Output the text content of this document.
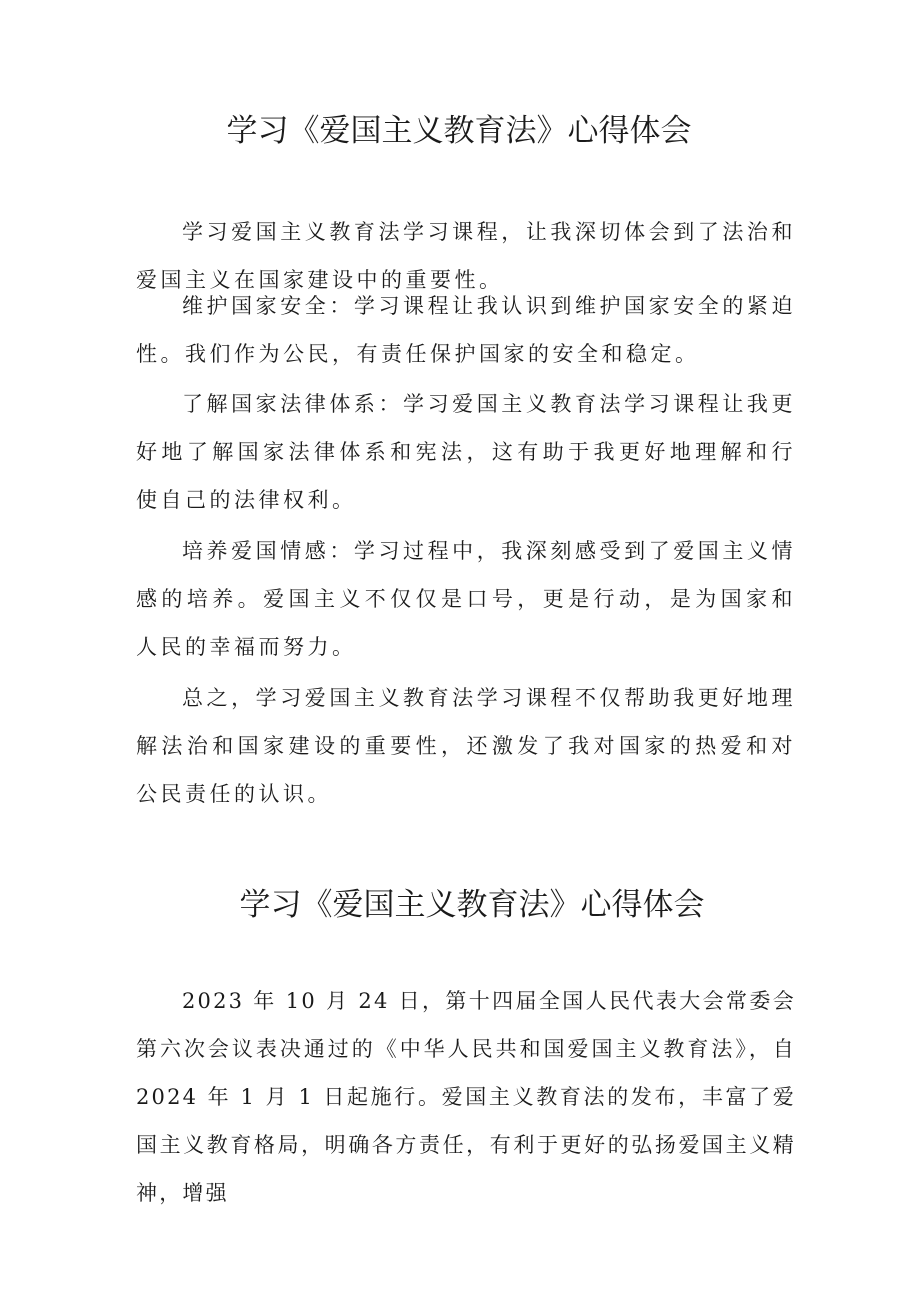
学习《爱国主义教育法》心得体会

学习爱国主义教育法学习课程，让我深切体会到了法治和爱国主义在国家建设中的重要性。

维护国家安全：学习课程让我认识到维护国家安全的紧迫性。我们作为公民，有责任保护国家的安全和稳定。

了解国家法律体系：学习爱国主义教育法学习课程让我更好地了解国家法律体系和宪法，这有助于我更好地理解和行使自己的法律权利。

培养爱国情感：学习过程中，我深刻感受到了爱国主义情感的培养。爱国主义不仅仅是口号，更是行动，是为国家和人民的幸福而努力。

总之，学习爱国主义教育法学习课程不仅帮助我更好地理解法治和国家建设的重要性，还激发了我对国家的热爱和对公民责任的认识。

学习《爱国主义教育法》心得体会

2023 年 10 月 24 日，第十四届全国人民代表大会常委会第六次会议表决通过的《中华人民共和国爱国主义教育法》，自 2024 年 1 月 1 日起施行。爱国主义教育法的发布，丰富了爱国主义教育格局，明确各方责任，有利于更好的弘扬爱国主义精神，增强
